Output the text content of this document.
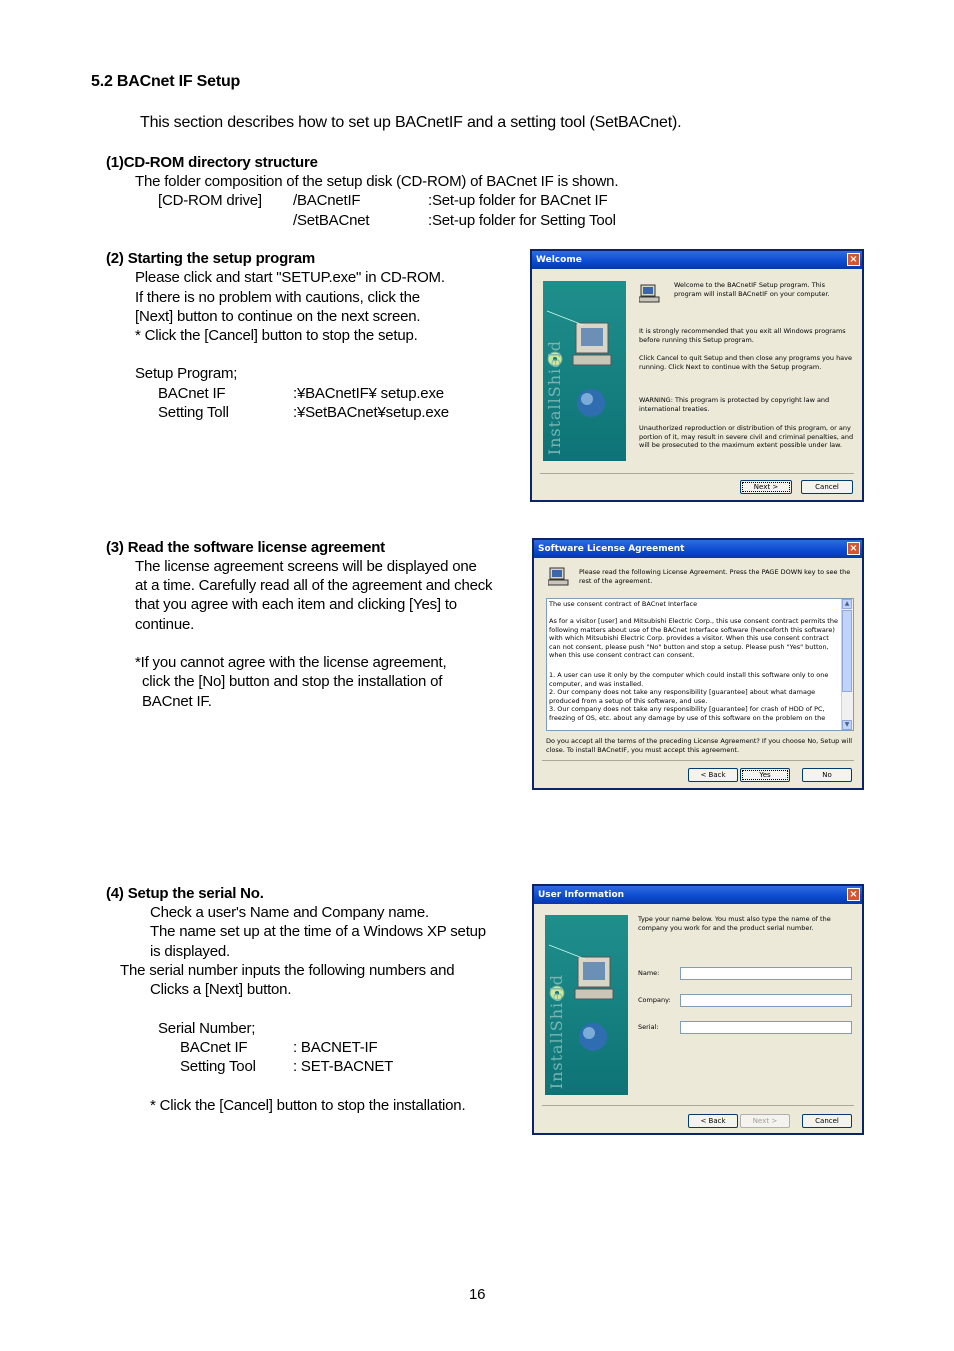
5.2 BACnet IF Setup
This section describes how to set up BACnetIF and a setting tool (SetBACnet).
(1)CD-ROM directory structure
The folder composition of the setup disk (CD-ROM) of BACnet IF is shown.
[CD-ROM drive] /BACnetIF	:Set-up folder for BACnet IF
/SetBACnet	:Set-up folder for Setting Tool
(2) Starting the setup program
Please click and start "SETUP.exe" in CD-ROM.
If there is no problem with cautions, click the
[Next] button to continue on the next screen.
* Click the [Cancel] button to stop the setup.
Setup Program;
BACnet IF	:¥BACnetIF¥ setup.exe
Setting Toll	:¥SetBACnet¥setup.exe
Welcome	×
InstallShield
Welcome to the BACnetIF Setup program. This program will install BACnetIF on your computer.
It is strongly recommended that you exit all Windows programs before running this Setup program.
Click Cancel to quit Setup and then close any programs you have running. Click Next to continue with the Setup program.
WARNING: This program is protected by copyright law and international treaties.
Unauthorized reproduction or distribution of this program, or any portion of it, may result in severe civil and criminal penalties, and will be prosecuted to the maximum extent possible under law.
Next >	Cancel
(3) Read the software license agreement
The license agreement screens will be displayed one
at a time. Carefully read all of the agreement and check
that you agree with each item and clicking [Yes] to
continue.
*If you cannot agree with the license agreement,
click the [No] button and stop the installation of
BACnet IF.
Software License Agreement	×
Please read the following License Agreement. Press the PAGE DOWN key to see the rest of the agreement.
The use consent contract of BACnet Interface
As for a visitor [user] and Mitsubishi Electric Corp., this use consent contract permits the following matters about use of the BACnet Interface software (henceforth this software) with which Mitsubishi Electric Corp. provides a visitor. When this use consent contract can not consent, please push "No" button and stop a setup. Please push "Yes" button, when this use consent contract can consent.
1. A user can use it only by the computer which could install this software only to one computer, and was installed.
2. Our company does not take any responsibility [guarantee] about what damage produced from a setup of this software, and use.
3. Our company does not take any responsibility [guarantee] for crash of HDD of PC, freezing of OS, etc. about any damage by use of this software on the problem on the
▲
▼
Do you accept all the terms of the preceding License Agreement? If you choose No, Setup will close. To install BACnetIF, you must accept this agreement.
< Back	Yes	No
(4) Setup the serial No.
Check a user's Name and Company name.
The name set up at the time of a Windows XP setup
is displayed.
The serial number inputs the following numbers and
Clicks a [Next] button.
Serial Number;
BACnet IF	: BACNET-IF
Setting Tool : SET-BACNET
* Click the [Cancel] button to stop the installation.
User Information	×
InstallShield
Type your name below. You must also type the name of the company you work for and the product serial number.
Name:
Company:
Serial:
< Back	Next >	Cancel
16
